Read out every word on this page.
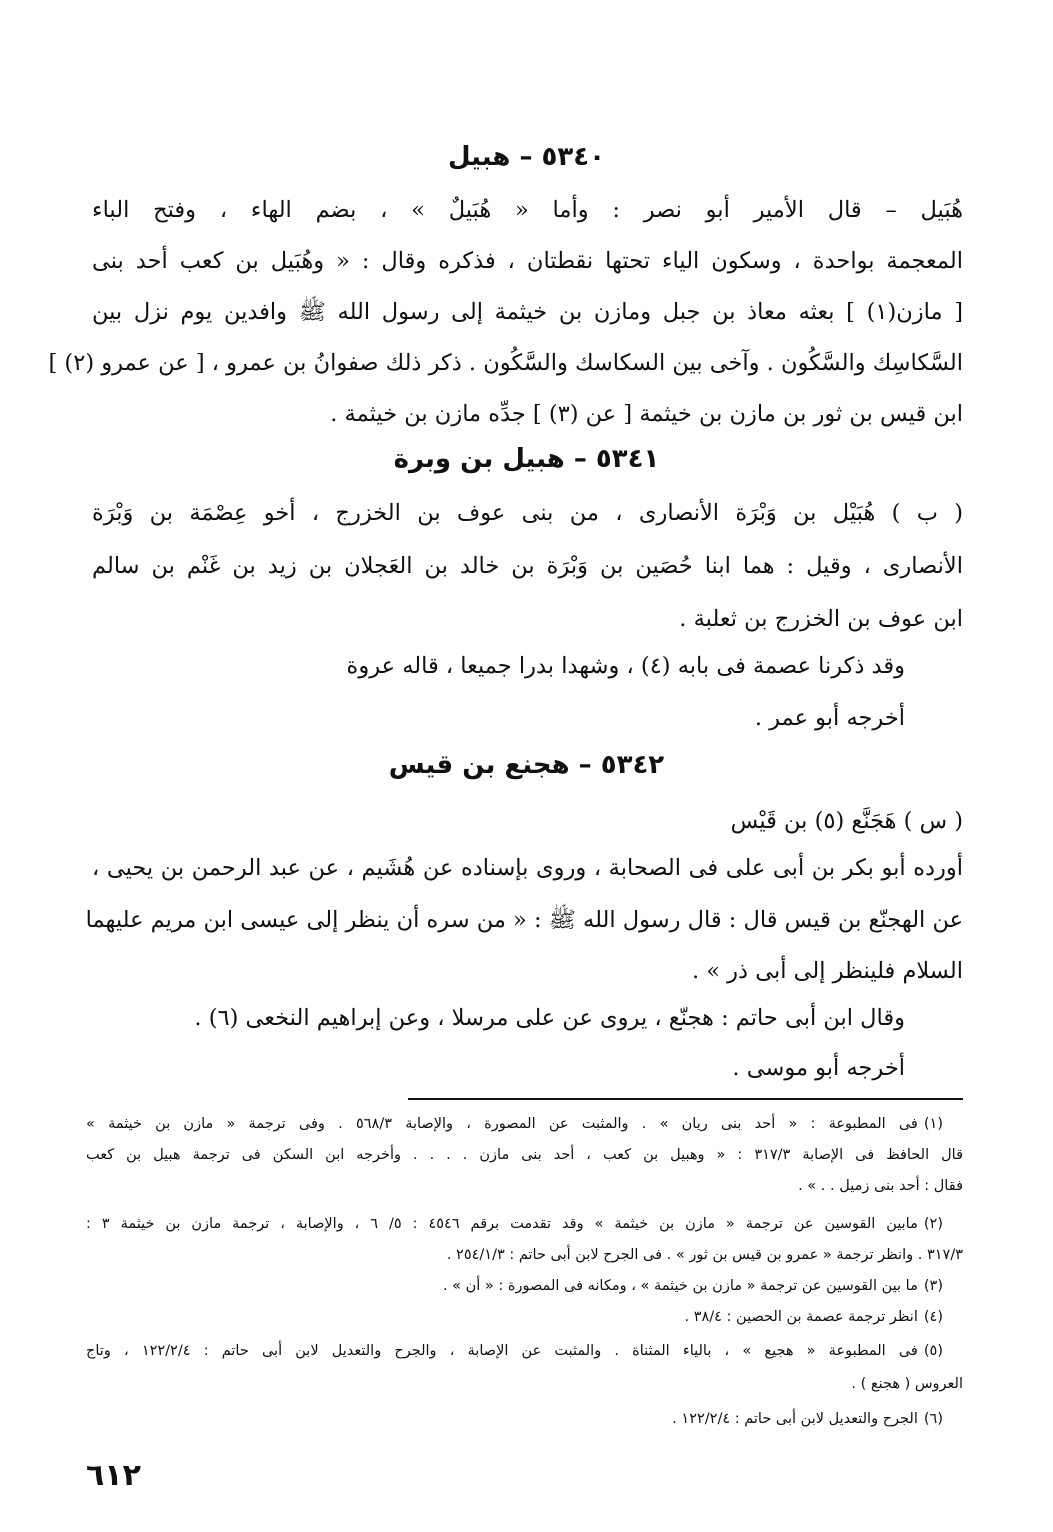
٥٣٤٠ – هبيل
هُبَيل – قال الأمير أبو نصر : وأما « هُبَيلٌ » ، بضم الهاء ، وفتح الباء
المعجمة بواحدة ، وسكون الياء تحتها نقطتان ، فذكره وقال : « وهُبَيل بن كعب أحد بنى
[ مازن(١) ] بعثه معاذ بن جبل ومازن بن خيثمة إلى رسول الله ﷺ وافدين يوم نزل بين
السَّكاسِك والسَّكُون . وآخى بين السكاسك والسَّكُون . ذكر ذلك صفوانُ بن عمرو ، [ عن عمرو (٢) ]
ابن قيس بن ثور بن مازن بن خيثمة [ عن (٣) ] جدِّه مازن بن خيثمة .
٥٣٤١ – هبيل بن وبرة
( ب ) هُبَيْل بن وَبْرَة الأنصارى ، من بنى عوف بن الخزرج ، أخو عِصْمَة بن وَبْرَة
الأنصارى ، وقيل : هما ابنا حُصَين بن وَبْرَة بن خالد بن العَجلان بن زيد بن غَنْم بن سالم
ابن عوف بن الخزرج بن ثعلبة .
وقد ذكرنا عصمة فى بابه (٤) ، وشهدا بدرا جميعا ، قاله عروة
أخرجه أبو عمر .
٥٣٤٢ – هجنع بن قيس
( س ) هَجَنَّع (٥) بن قَيْس
أورده أبو بكر بن أبى على فى الصحابة ، وروى بإسناده عن هُشَيم ، عن عبد الرحمن بن يحيى ،
عن الهجنّع بن قيس قال : قال رسول الله ﷺ : « من سره أن ينظر إلى عيسى ابن مريم عليهما
السلام فلينظر إلى أبى ذر » .
وقال ابن أبى حاتم : هجنّع ، يروى عن على مرسلا ، وعن إبراهيم النخعى (٦) .
أخرجه أبو موسى .
(١)فى المطبوعة : « أحد بنى ريان » . والمثبت عن المصورة ، والإصابة ٥٦٨/٣ . وفى ترجمة « مازن بن خيثمة »
قال الحافظ فى الإصابة ٣١٧/٣ : « وهبيل بن كعب ، أحد بنى مازن . . . . وأخرجه ابن السكن فى ترجمة هبيل بن كعب
فقال : أحد بنى زميل . . » .
(٢)مابين القوسين عن ترجمة « مازن بن خيثمة » وقد تقدمت برقم ٤٥٤٦ : ٥/ ٦ ، والإصابة ، ترجمة مازن بن خيثمة ٣ :
٣١٧/٣ . وانظر ترجمة « عمرو بن قيس بن ثور » . فى الجرح لابن أبى حاتم : ٢٥٤/١/٣ .
(٣)ما بين القوسين عن ترجمة « مازن بن خيثمة » ، ومكانه فى المصورة : « أن » .
(٤)انظر ترجمة عصمة بن الحصين : ٣٨/٤ .
(٥)فى المطبوعة « هجيع » ، بالياء المثناة . والمثبت عن الإصابة ، والجرح والتعديل لابن أبى حاتم : ١٢٢/٢/٤ ، وتاج
العروس ( هجنع ) .
(٦)الجرح والتعديل لابن أبى حاتم : ١٢٢/٢/٤ .
٦١٢
